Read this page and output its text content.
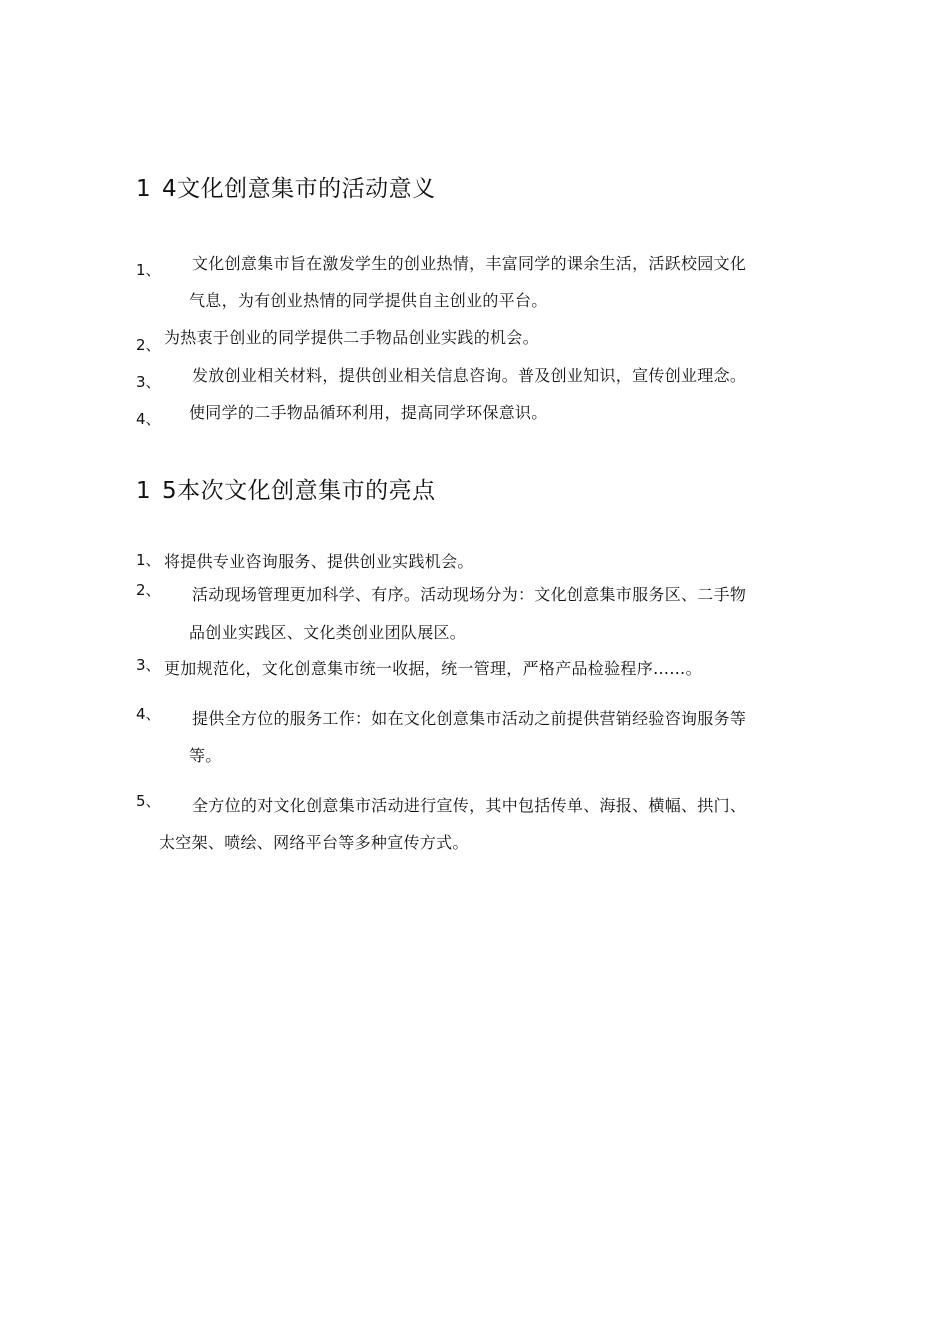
1 4文化创意集市的活动意义
1、 文化创意集市旨在激发学生的创业热情，丰富同学的课余生活，活跃校园文化
气息，为有创业热情的同学提供自主创业的平台。
2、 为热衷于创业的同学提供二手物品创业实践的机会。
3、 发放创业相关材料，提供创业相关信息咨询。普及创业知识，宣传创业理念。
4、 使同学的二手物品循环利用，提高同学环保意识。
1 5本次文化创意集市的亮点
1、 将提供专业咨询服务、提供创业实践机会。
2、 活动现场管理更加科学、有序。活动现场分为：文化创意集市服务区、二手物
品创业实践区、文化类创业团队展区。
3、 更加规范化，文化创意集市统一收据，统一管理，严格产品检验程序……。
4、 提供全方位的服务工作：如在文化创意集市活动之前提供营销经验咨询服务等
等。
5、 全方位的对文化创意集市活动进行宣传，其中包括传单、海报、横幅、拱门、
太空架、喷绘、网络平台等多种宣传方式。
